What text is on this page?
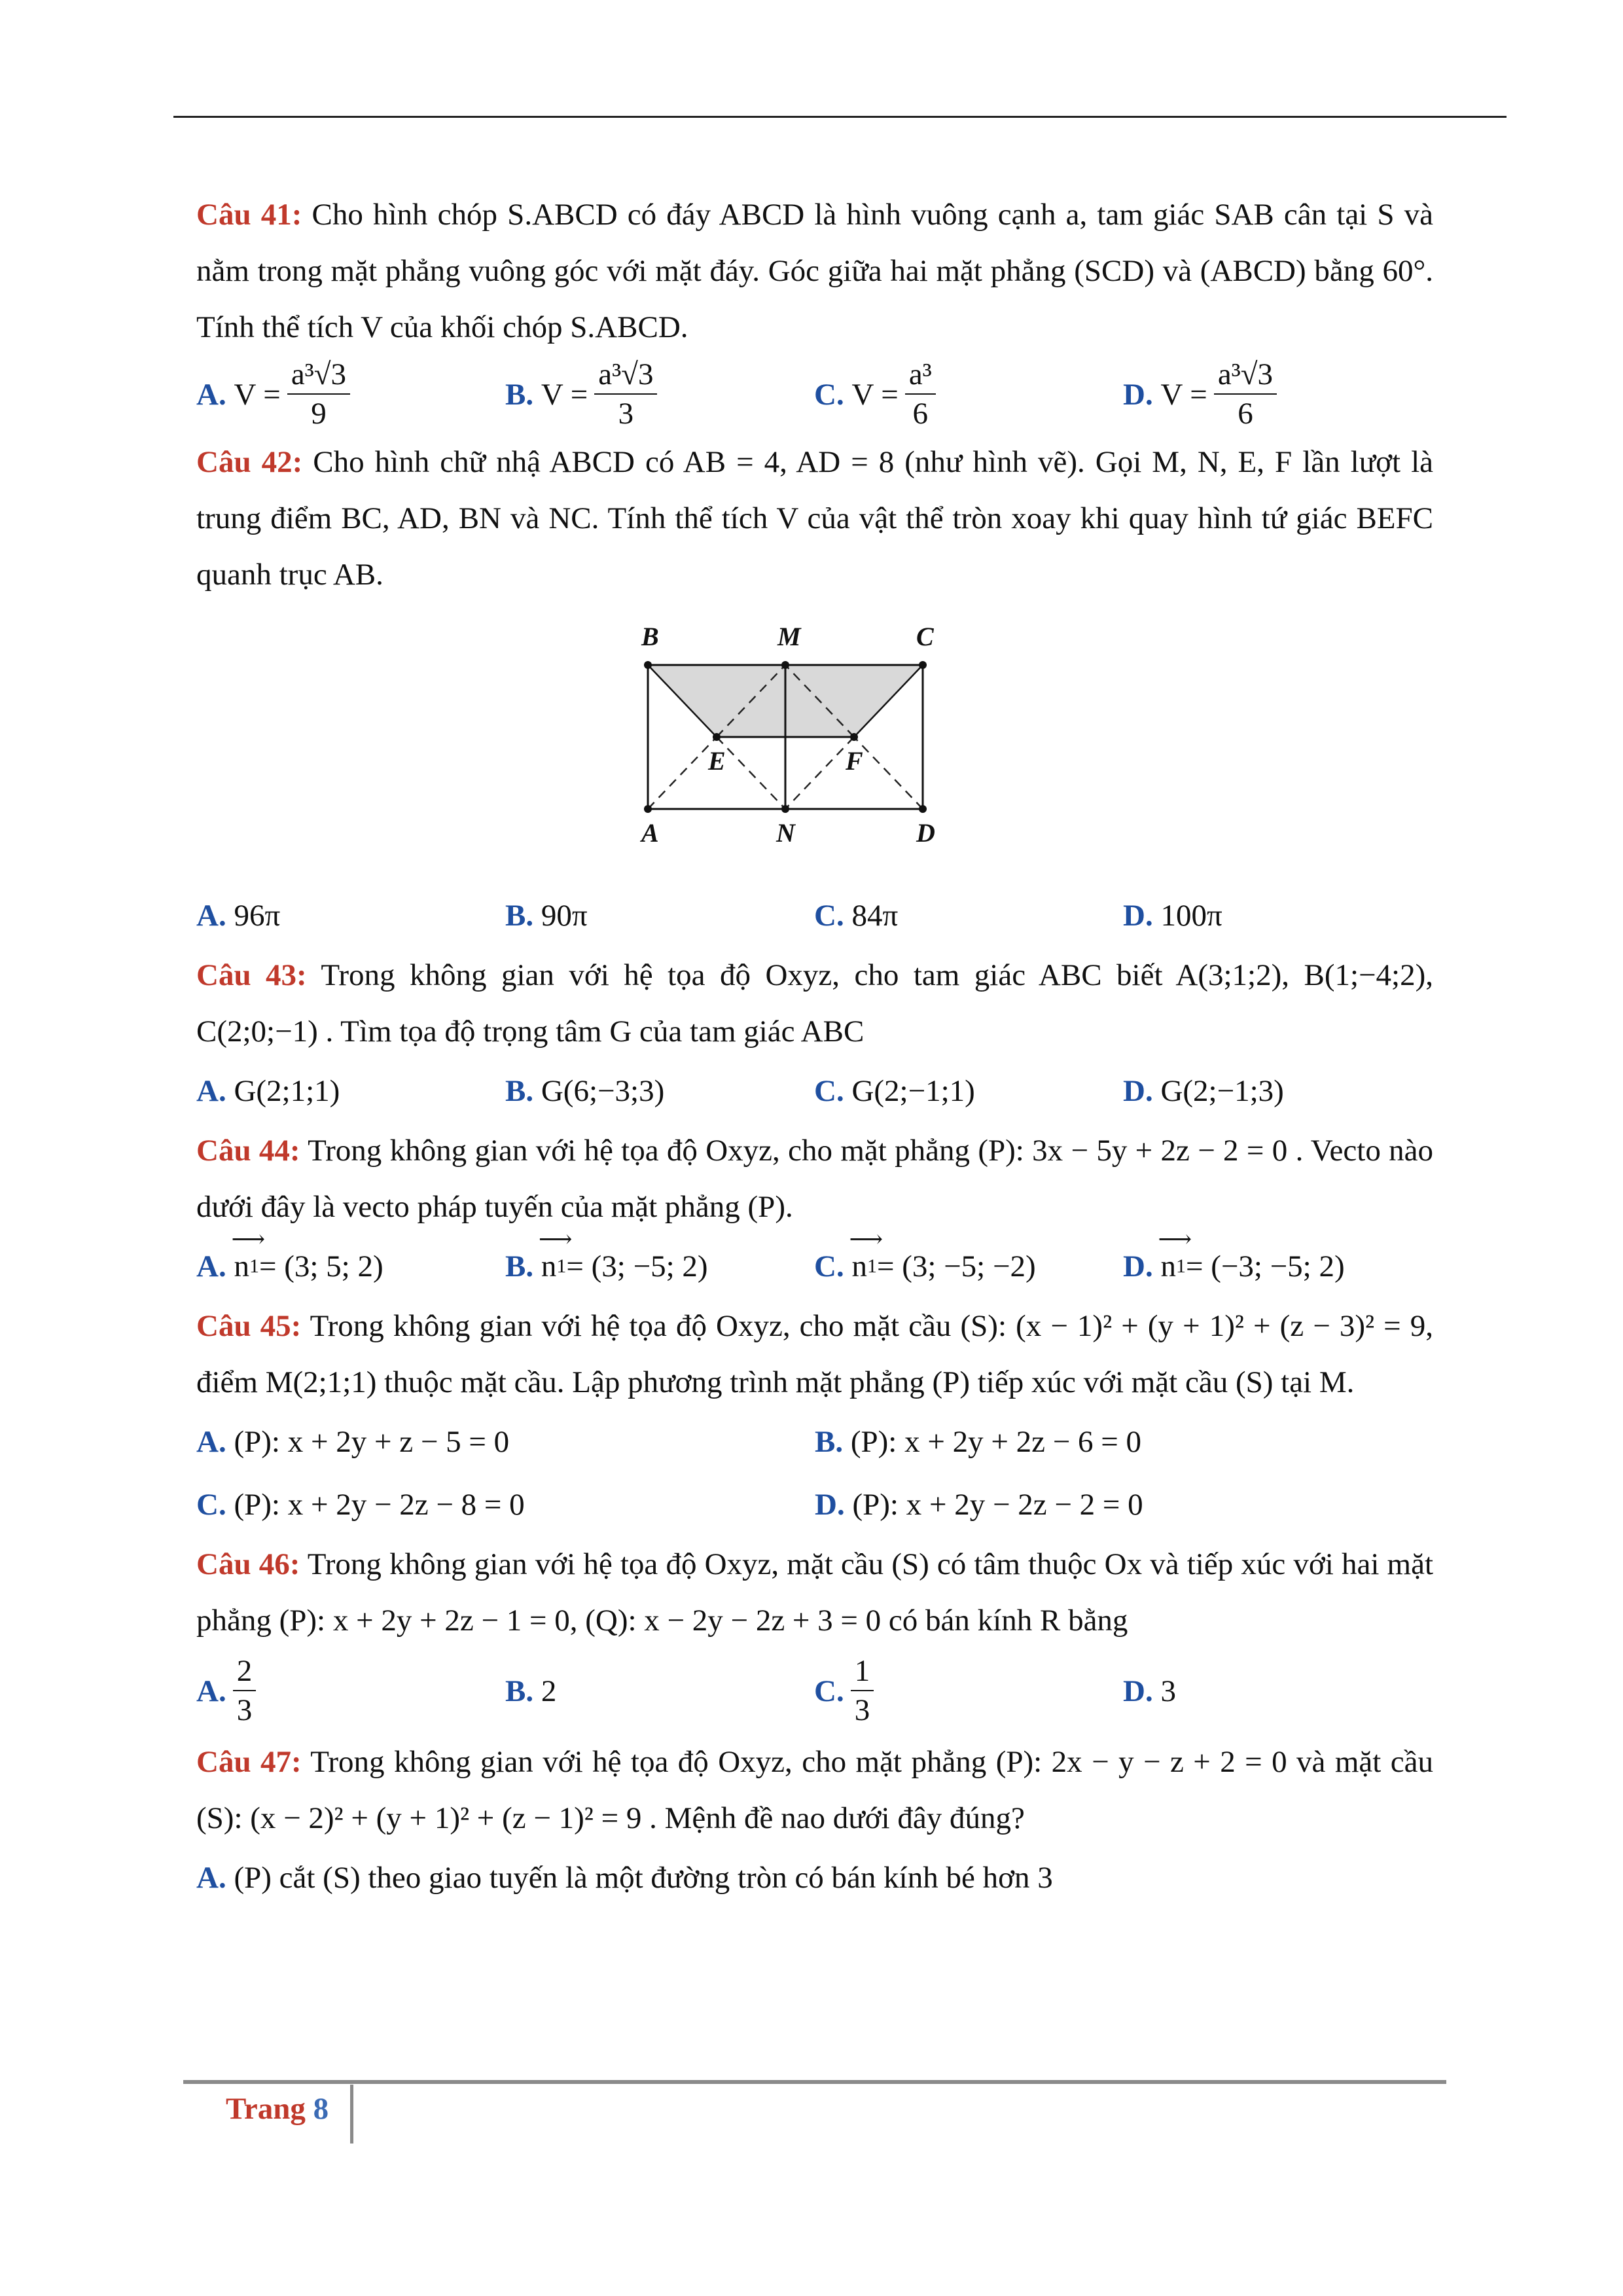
Câu 41: Cho hình chóp S.ABCD có đáy ABCD là hình vuông cạnh a, tam giác SAB cân tại S và nằm trong mặt phẳng vuông góc với mặt đáy. Góc giữa hai mặt phẳng (SCD) và (ABCD) bằng 60°. Tính thể tích V của khối chóp S.ABCD.
A.
$V = \frac{\text{a³√3}}{9}$	B.
$V = \frac{\text{a³√3}}{3}$	C.
$V = \frac{\text{a³}}{6}$	D.
$V = \frac{\text{a³√3}}{6}$
Câu 42: Cho hình chữ nhậ ABCD có AB = 4, AD = 8 (như hình vẽ). Gọi M, N, E, F lần lượt là trung điểm BC, AD, BN và NC. Tính thể tích V của vật thể tròn xoay khi quay hình tứ giác BEFC quanh trục AB.
B	M	C
E	F
A	N	D
A.
96π	B.
90π	C.
84π	D.
100π
Câu 43: Trong không gian với hệ tọa độ Oxyz, cho tam giác ABC biết A(3;1;2), B(1;−4;2), C(2;0;−1) . Tìm tọa độ trọng tâm G của tam giác ABC
A.
G(2;1;1)	B.
G(6;−3;3)	C.
G(2;−1;1)	D.
G(2;−1;3)
Câu 44: Trong không gian với hệ tọa độ Oxyz, cho mặt phẳng (P): 3x − 5y + 2z − 2 = 0 . Vecto nào dưới đây là vecto pháp tuyến của mặt phẳng (P).
A.
⟶ n 1 = (3; 5; 2)	B.
⟶ n 1 = (3; −5; 2)	C.
⟶ n 1 = (3; −5; −2)	D.
⟶ n 1 = (−3; −5; 2)
Câu 45: Trong không gian với hệ tọa độ Oxyz, cho mặt cầu (S): (x − 1)² + (y + 1)² + (z − 3)² = 9, điểm M(2;1;1) thuộc mặt cầu. Lập phương trình mặt phẳng (P) tiếp xúc với mặt cầu (S) tại M.
A.
(P): x + 2y + z − 5 = 0	B.
(P): x + 2y + 2z − 6 = 0
C.
(P): x + 2y − 2z − 8 = 0	D.
(P): x + 2y − 2z − 2 = 0
Câu 46: Trong không gian với hệ tọa độ Oxyz, mặt cầu (S) có tâm thuộc Ox và tiếp xúc với hai mặt phẳng (P): x + 2y + 2z − 1 = 0, (Q): x − 2y − 2z + 3 = 0 có bán kính R bằng
A. $\frac{2}{3}$	B.
2	C. $\frac{1}{3}$	D.
3
Câu 47: Trong không gian với hệ tọa độ Oxyz, cho mặt phẳng (P): 2x − y − z + 2 = 0 và mặt cầu (S): (x − 2)² + (y + 1)² + (z − 1)² = 9 . Mệnh đề nao dưới đây đúng?
A.
(P) cắt (S) theo giao tuyến là một đường tròn có bán kính bé hơn 3
Trang 8
